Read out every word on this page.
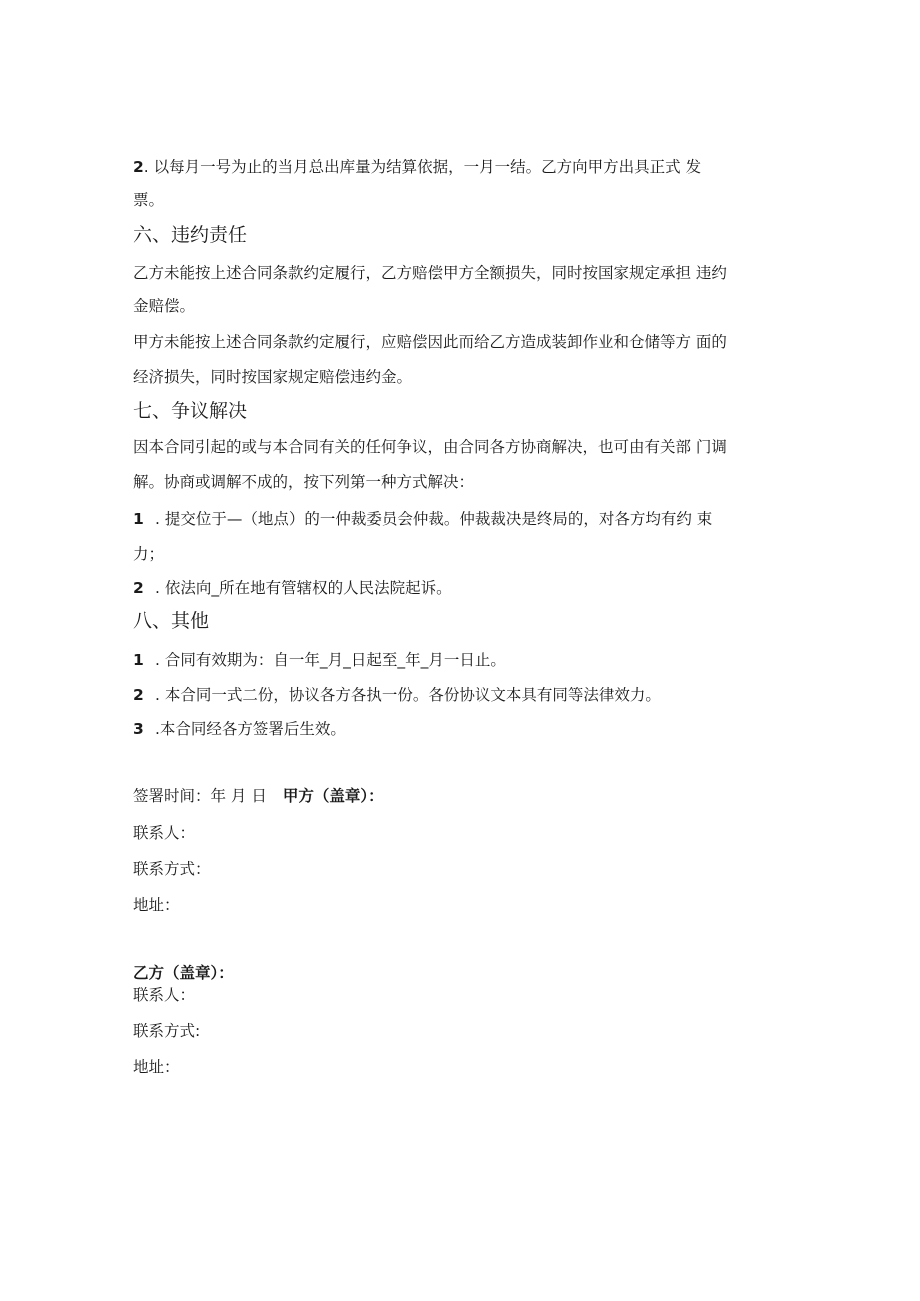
2. 以每月一号为止的当月总出库量为结算依据，一月一结。乙方向甲方出具正式 发
票。
六、违约责任
乙方未能按上述合同条款约定履行，乙方赔偿甲方全额损失，同时按国家规定承担 违约
金赔偿。
甲方未能按上述合同条款约定履行，应赔偿因此而给乙方造成装卸作业和仓储等方 面的
经济损失，同时按国家规定赔偿违约金。
七、争议解决
因本合同引起的或与本合同有关的任何争议，由合同各方协商解决，也可由有关部 门调
解。协商或调解不成的，按下列第一种方式解决：
1 . 提交位于—（地点）的一仲裁委员会仲裁。仲裁裁决是终局的，对各方均有约 束
力；
2 . 依法向_所在地有管辖权的人民法院起诉。
八、其他
1 . 合同有效期为：自一年_月_日起至_年_月一日止。
2 . 本合同一式二份，协议各方各执一份。各份协议文本具有同等法律效力。
3 .本合同经各方签署后生效。
签署时间：年 月 日 甲方（盖章）：
联系人：
联系方式：
地址：
乙方（盖章）：
联系人：
联系方式:
地址：
